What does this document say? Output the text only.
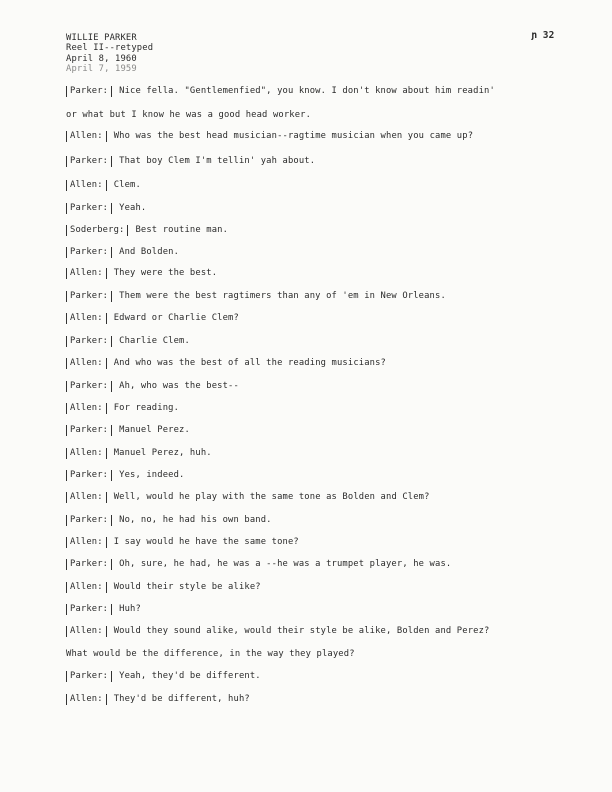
WILLIE PARKER
Reel II--retyped
April 8, 1960
April 7, 1959
ɲ 32
Parker: Nice fella. "Gentlemenfied", you know. I don't know about him readin'
or what but I know he was a good head worker.
Allen: Who was the best head musician--ragtime musician when you came up?
Parker: That boy Clem I'm tellin' yah about.
Allen: Clem.
Parker: Yeah.
Soderberg: Best routine man.
Parker: And Bolden.
Allen: They were the best.
Parker: Them were the best ragtimers than any of 'em in New Orleans.
Allen: Edward or Charlie Clem?
Parker: Charlie Clem.
Allen: And who was the best of all the reading musicians?
Parker: Ah, who was the best--
Allen: For reading.
Parker: Manuel Perez.
Allen: Manuel Perez, huh.
Parker: Yes, indeed.
Allen: Well, would he play with the same tone as Bolden and Clem?
Parker: No, no, he had his own band.
Allen: I say would he have the same tone?
Parker: Oh, sure, he had, he was a --he was a trumpet player, he was.
Allen: Would their style be alike?
Parker: Huh?
Allen: Would they sound alike, would their style be alike, Bolden and Perez?
What would be the difference, in the way they played?
Parker: Yeah, they'd be different.
Allen: They'd be different, huh?
